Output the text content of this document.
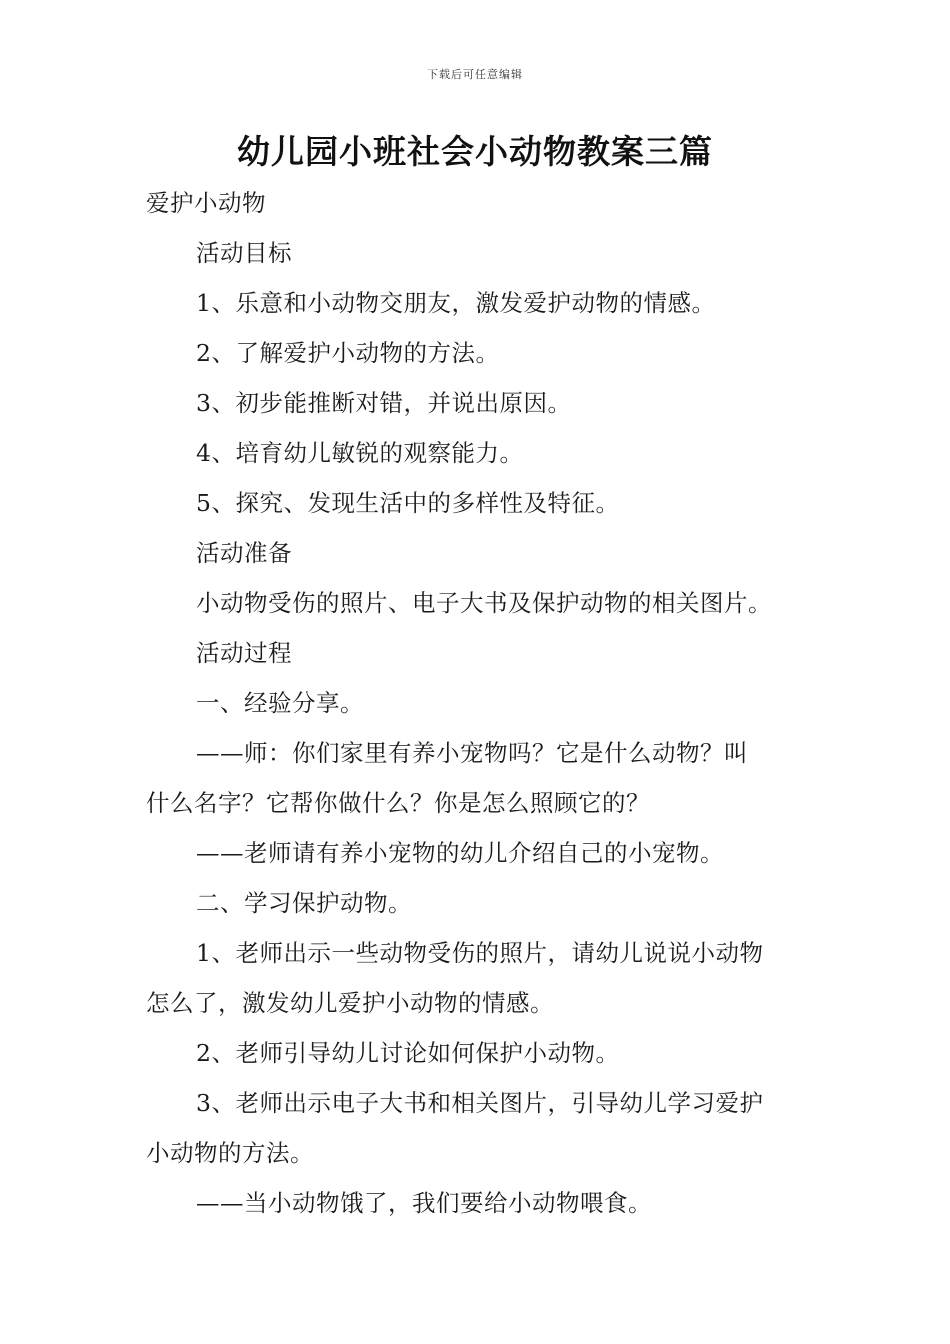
下载后可任意编辑
幼儿园小班社会小动物教案三篇
爱护小动物
活动目标
1、乐意和小动物交朋友，激发爱护动物的情感。
2、了解爱护小动物的方法。
3、初步能推断对错，并说出原因。
4、培育幼儿敏锐的观察能力。
5、探究、发现生活中的多样性及特征。
活动准备
小动物受伤的照片、电子大书及保护动物的相关图片。
活动过程
一、经验分享。
——师：你们家里有养小宠物吗？它是什么动物？叫
什么名字？它帮你做什么？你是怎么照顾它的？
——老师请有养小宠物的幼儿介绍自己的小宠物。
二、学习保护动物。
1、老师出示一些动物受伤的照片，请幼儿说说小动物
怎么了，激发幼儿爱护小动物的情感。
2、老师引导幼儿讨论如何保护小动物。
3、老师出示电子大书和相关图片，引导幼儿学习爱护
小动物的方法。
——当小动物饿了，我们要给小动物喂食。
